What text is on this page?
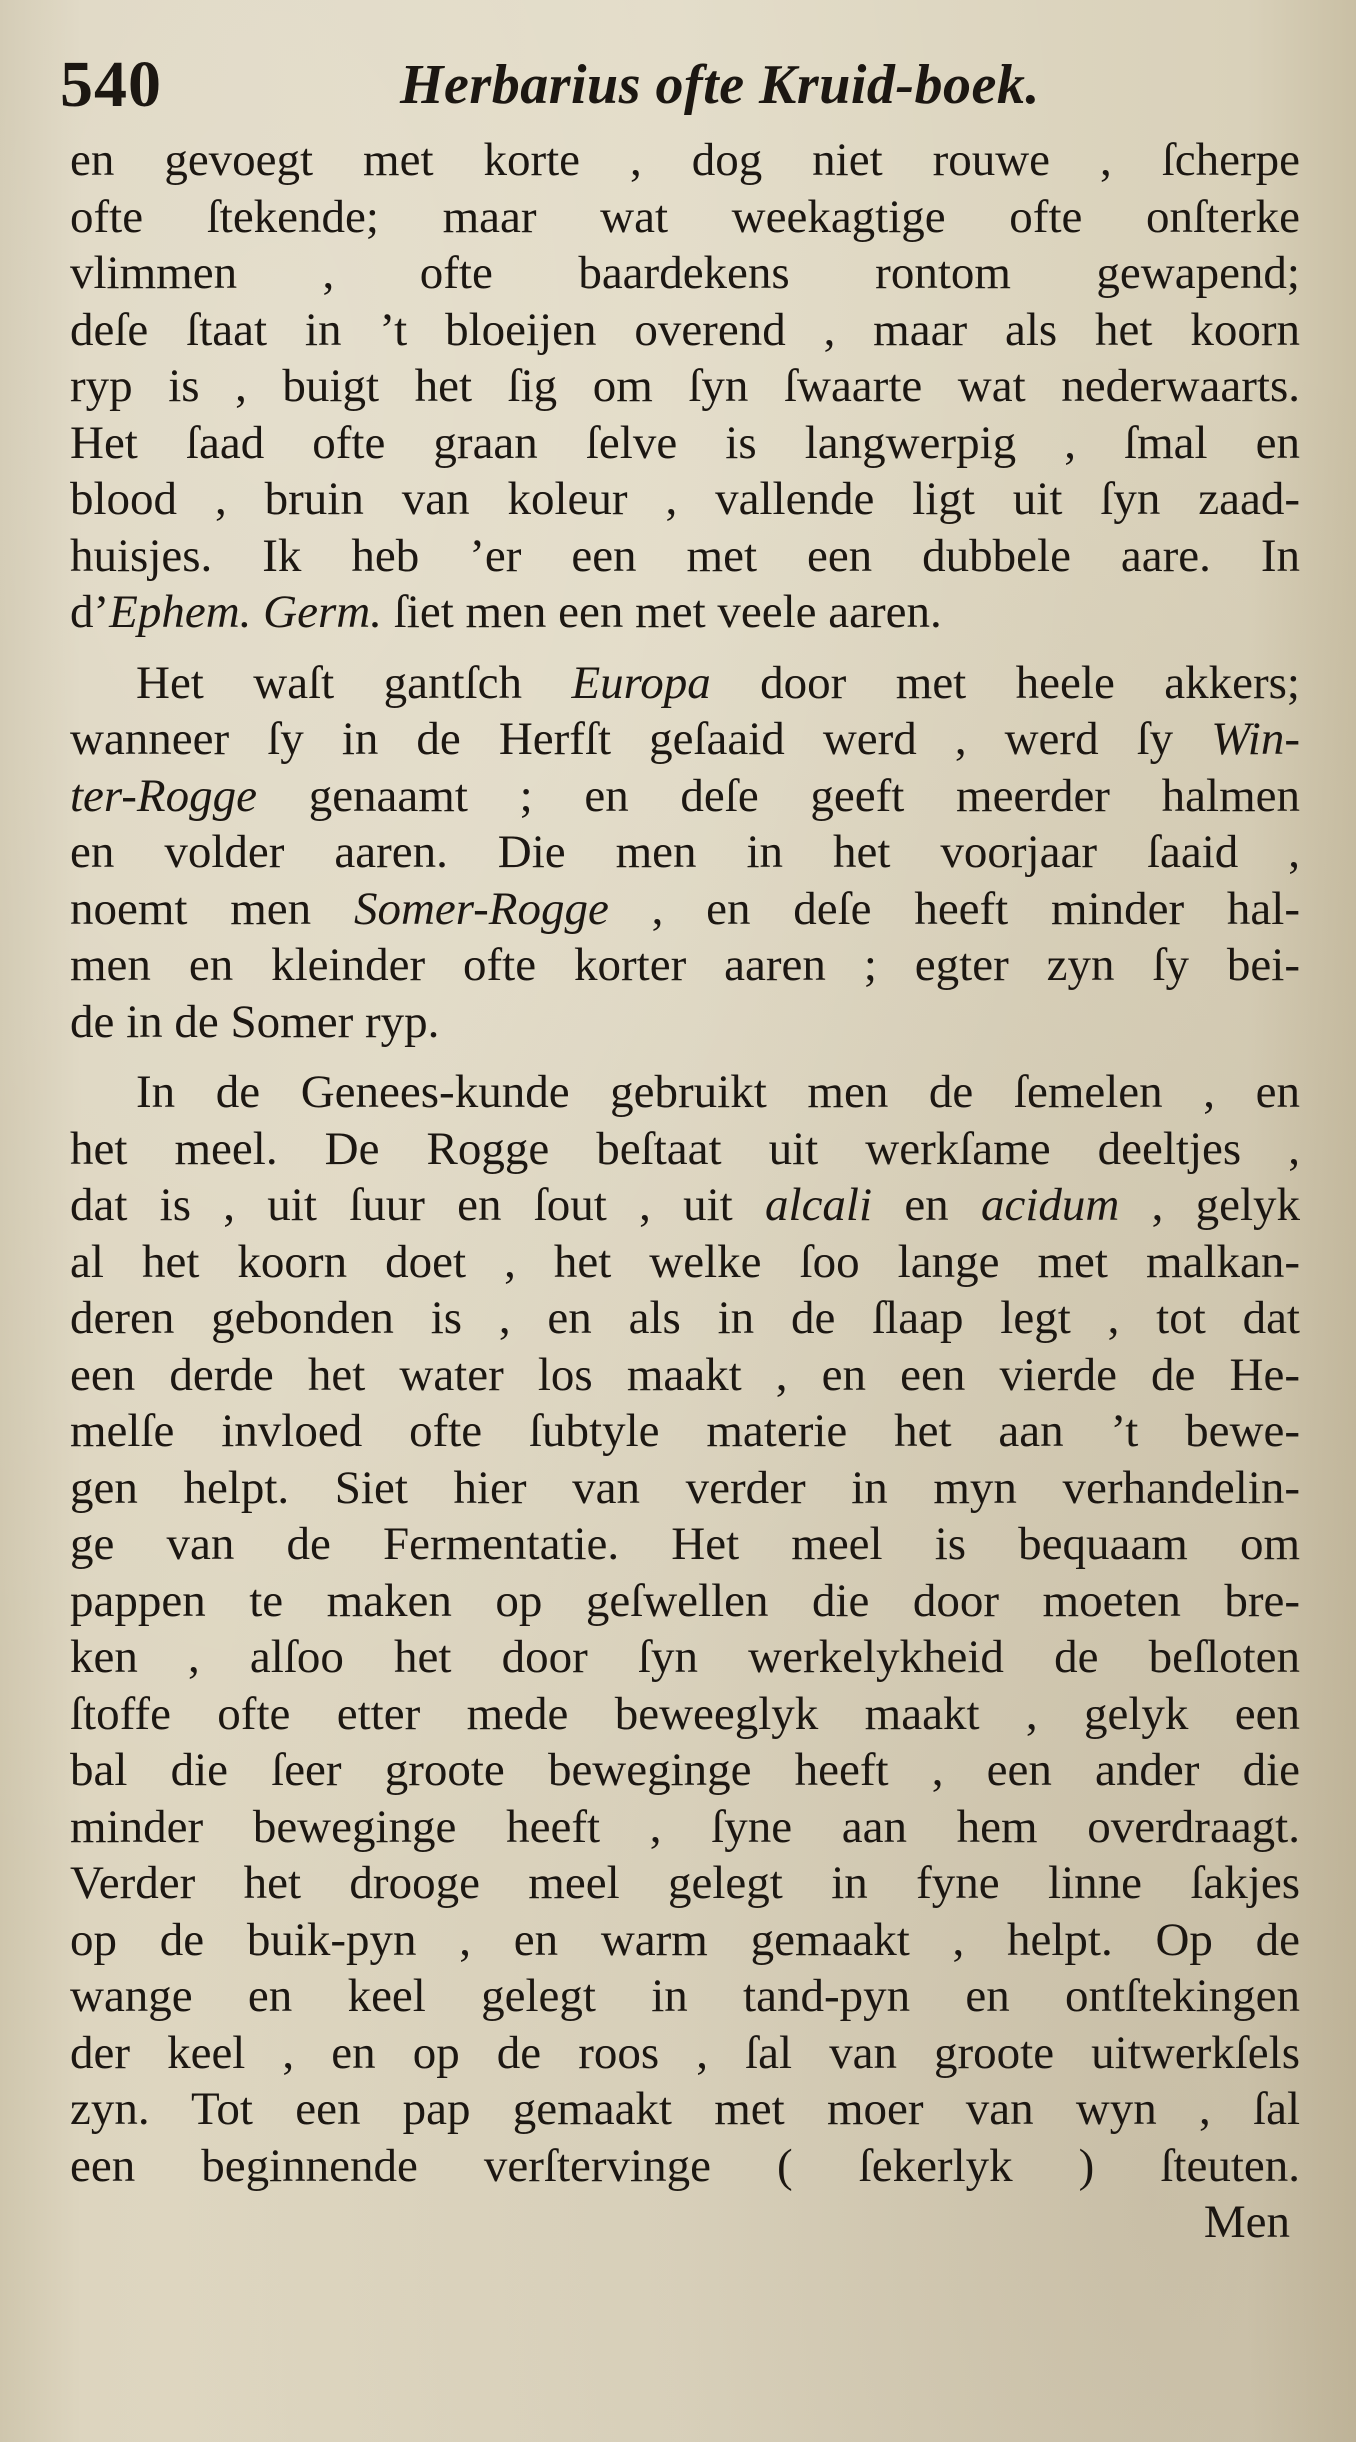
540	Herbarius ofte Kruid-boek.
en gevoegt met korte , dog niet rouwe , ſcherpe
ofte ſtekende; maar wat weekagtige ofte onſterke
vlimmen , ofte baardekens rontom gewapend;
deſe ſtaat in ’t bloeijen overend , maar als het koorn
ryp is , buigt het ſig om ſyn ſwaarte wat nederwaarts.
Het ſaad ofte graan ſelve is langwerpig , ſmal en
blood , bruin van koleur , vallende ligt uit ſyn zaad-
huisjes. Ik heb ’er een met een dubbele aare. In
d’Ephem. Germ. ſiet men een met veele aaren.
Het waſt gantſch Europa door met heele akkers;
wanneer ſy in de Herfſt geſaaid werd , werd ſy Win-
ter-Rogge genaamt ; en deſe geeft meerder halmen
en volder aaren. Die men in het voorjaar ſaaid ,
noemt men Somer-Rogge , en deſe heeft minder hal-
men en kleinder ofte korter aaren ; egter zyn ſy bei-
de in de Somer ryp.
In de Genees-kunde gebruikt men de ſemelen , en
het meel. De Rogge beſtaat uit werkſame deeltjes ,
dat is , uit ſuur en ſout , uit alcali en acidum , gelyk
al het koorn doet , het welke ſoo lange met malkan-
deren gebonden is , en als in de ſlaap legt , tot dat
een derde het water los maakt , en een vierde de He-
melſe invloed ofte ſubtyle materie het aan ’t bewe-
gen helpt. Siet hier van verder in myn verhandelin-
ge van de Fermentatie. Het meel is bequaam om
pappen te maken op geſwellen die door moeten bre-
ken , alſoo het door ſyn werkelykheid de beſloten
ſtoffe ofte etter mede beweeglyk maakt , gelyk een
bal die ſeer groote beweginge heeft , een ander die
minder beweginge heeft , ſyne aan hem overdraagt.
Verder het drooge meel gelegt in fyne linne ſakjes
op de buik-pyn , en warm gemaakt , helpt. Op de
wange en keel gelegt in tand-pyn en ontſtekingen
der keel , en op de roos , ſal van groote uitwerkſels
zyn. Tot een pap gemaakt met moer van wyn , ſal
een beginnende verſtervinge ( ſekerlyk ) ſteuten.
Men
